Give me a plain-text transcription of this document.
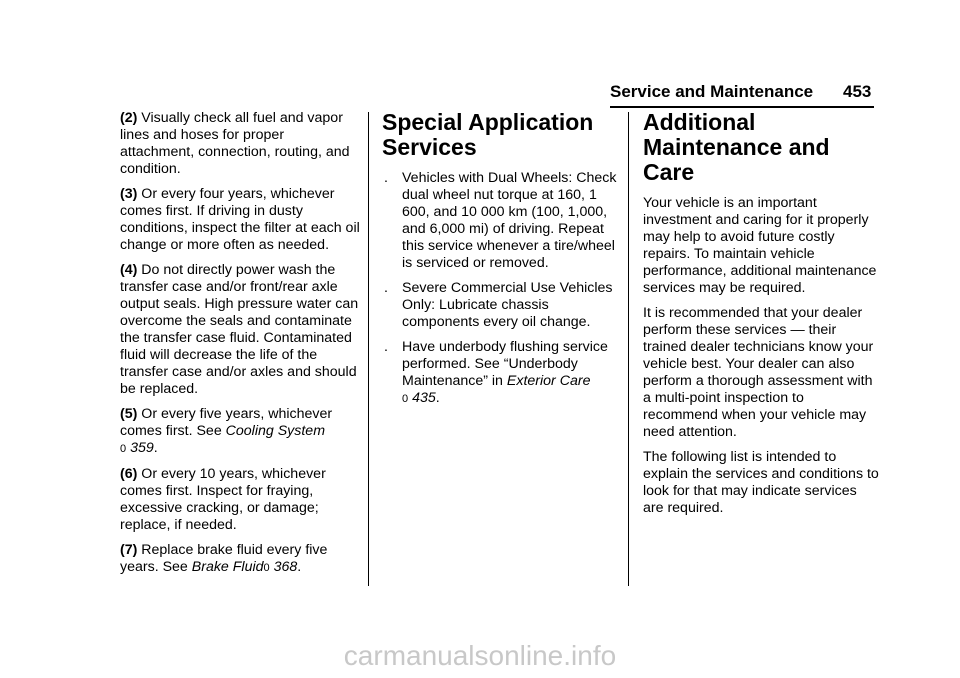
Service and Maintenance 453

(2) Visually check all fuel and vapor lines and hoses for proper attachment, connection, routing, and condition.

(3) Or every four years, whichever comes first. If driving in dusty conditions, inspect the filter at each oil change or more often as needed.

(4) Do not directly power wash the transfer case and/or front/rear axle output seals. High pressure water can overcome the seals and contaminate the transfer case fluid. Contaminated fluid will decrease the life of the transfer case and/or axles and should be replaced.

(5) Or every five years, whichever comes first. See Cooling System
0 359.

(6) Or every 10 years, whichever comes first. Inspect for fraying, excessive cracking, or damage; replace, if needed.

(7) Replace brake fluid every five years. See Brake Fluid0 368.

Special Application Services
. Vehicles with Dual Wheels: Check dual wheel nut torque at 160, 1 600, and 10 000 km (100, 1,000, and 6,000 mi) of driving. Repeat this service whenever a tire/wheel is serviced or removed.
. Severe Commercial Use Vehicles Only: Lubricate chassis components every oil change.
. Have underbody flushing service performed. See “Underbody Maintenance” in Exterior Care
0 435.
Additional Maintenance and Care

Your vehicle is an important investment and caring for it properly may help to avoid future costly repairs. To maintain vehicle performance, additional maintenance services may be required.

It is recommended that your dealer perform these services — their trained dealer technicians know your vehicle best. Your dealer can also perform a thorough assessment with a multi-point inspection to recommend when your vehicle may need attention.

The following list is intended to explain the services and conditions to look for that may indicate services are required.

carmanualsonline.info
